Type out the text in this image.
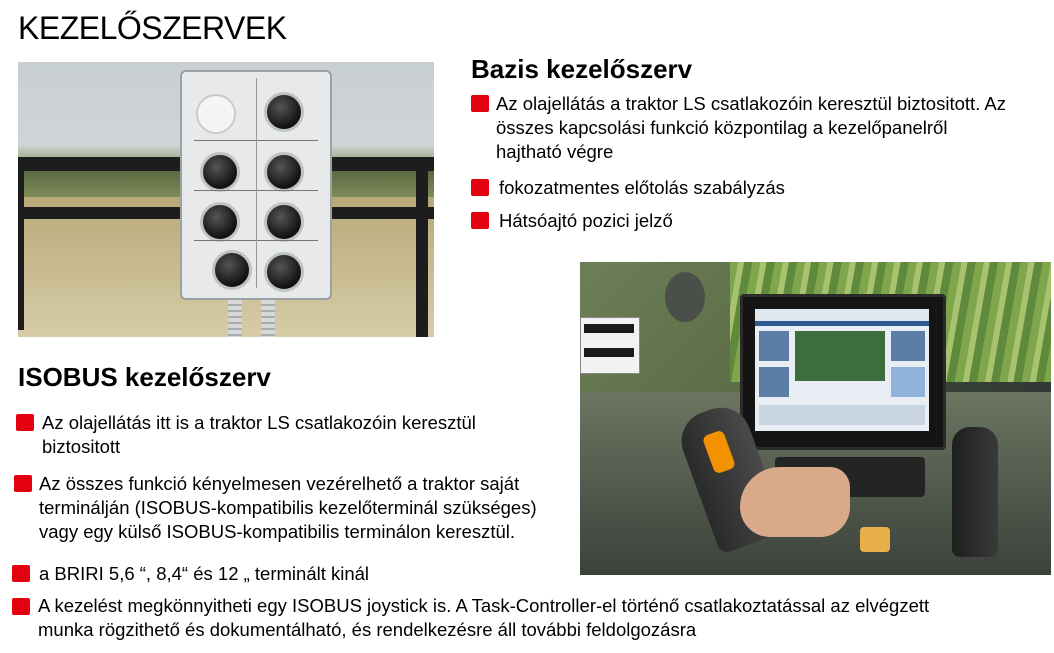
KEZELŐSZERVEK
Bazis kezelőszerv
Az olajellátás a traktor LS csatlakozóin keresztül biztositott. Az
összes kapcsolási funkció központilag a kezelőpanelről
hajtható végre
fokozatmentes előtolás szabályzás
Hátsóajtó pozici jelző
ISOBUS kezelőszerv
Az olajellátás itt is a traktor LS csatlakozóin keresztül
biztositott
Az összes funkció kényelmesen vezérelhető a traktor saját
terminálján (ISOBUS-kompatibilis kezelőterminál szükséges)
vagy egy külső ISOBUS-kompatibilis terminálon keresztül.
a BRIRI 5,6 “, 8,4“ és 12 „ terminált kinál
A kezelést megkönnyitheti egy ISOBUS joystick is. A Task-Controller-el történő csatlakoztatással az elvégzett
munka rögzithető és dokumentálható, és rendelkezésre áll további feldolgozásra
